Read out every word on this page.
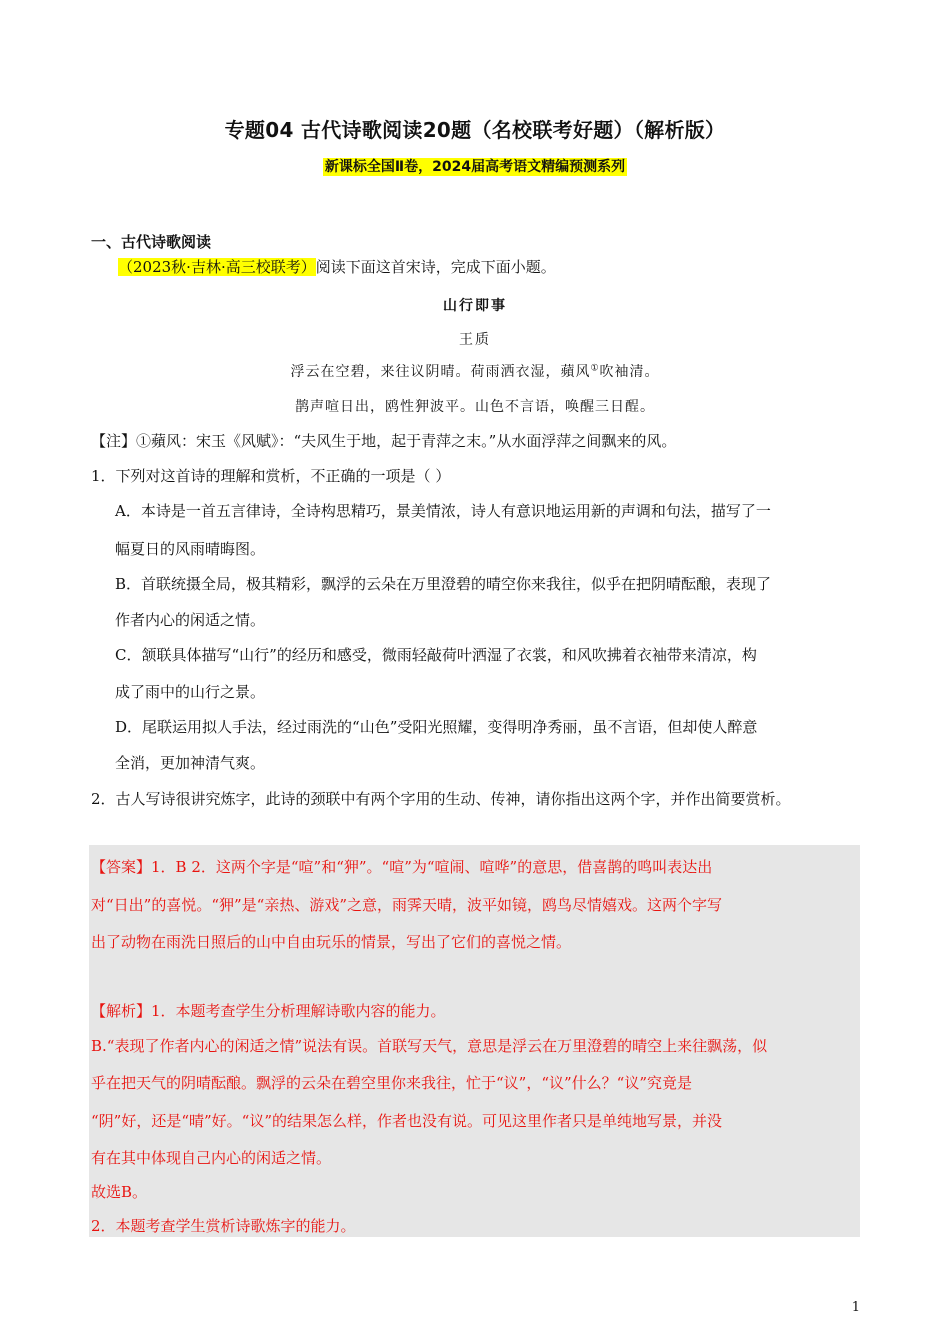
专题04 古代诗歌阅读20题（名校联考好题）（解析版）
新课标全国Ⅱ卷，2024届高考语文精编预测系列
一、古代诗歌阅读
（2023秋·吉林·高三校联考）阅读下面这首宋诗，完成下面小题。
山行即事
王质
浮云在空碧，来往议阴晴。荷雨洒衣湿，蘋风①吹袖清。
鹊声喧日出，鸥性狎波平。山色不言语，唤醒三日酲。
【注】①蘋风：宋玉《风赋》：“夫风生于地，起于青萍之末。”从水面浮萍之间飘来的风。
1．下列对这首诗的理解和赏析，不正确的一项是（ ）
A．本诗是一首五言律诗，全诗构思精巧，景美情浓，诗人有意识地运用新的声调和句法，描写了一
幅夏日的风雨晴晦图。
B．首联统摄全局，极其精彩，飘浮的云朵在万里澄碧的晴空你来我往，似乎在把阴晴酝酿，表现了
作者内心的闲适之情。
C．颔联具体描写“山行”的经历和感受，微雨轻敲荷叶洒湿了衣裳，和风吹拂着衣袖带来清凉，构
成了雨中的山行之景。
D．尾联运用拟人手法，经过雨洗的“山色”受阳光照耀，变得明净秀丽，虽不言语，但却使人醉意
全消，更加神清气爽。
2．古人写诗很讲究炼字，此诗的颈联中有两个字用的生动、传神，请你指出这两个字，并作出简要赏析。
【答案】1．B 2．这两个字是“喧”和“狎”。“喧”为“喧闹、喧哗”的意思，借喜鹊的鸣叫表达出
对“日出”的喜悦。“狎”是“亲热、游戏”之意，雨霁天晴，波平如镜，鸥鸟尽情嬉戏。这两个字写
出了动物在雨洗日照后的山中自由玩乐的情景，写出了它们的喜悦之情。
【解析】1．本题考查学生分析理解诗歌内容的能力。
B.“表现了作者内心的闲适之情”说法有误。首联写天气，意思是浮云在万里澄碧的晴空上来往飘荡，似
乎在把天气的阴晴酝酿。飘浮的云朵在碧空里你来我往，忙于“议”，“议”什么？“议”究竟是
“阴”好，还是“晴”好。“议”的结果怎么样，作者也没有说。可见这里作者只是单纯地写景，并没
有在其中体现自己内心的闲适之情。
故选B。
2．本题考查学生赏析诗歌炼字的能力。
1
